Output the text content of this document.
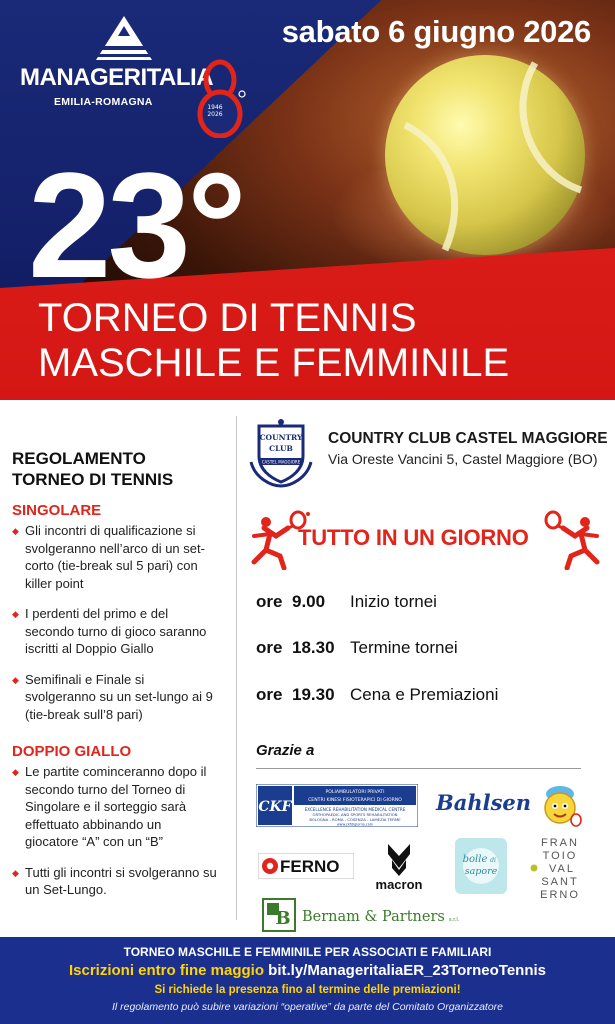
MANAGERITALIA
EMILIA-ROMAGNA	1946
2026
sabato 6 giugno 2026
23°
TORNEO DI TENNIS
MASCHILE E FEMMINILE
REGOLAMENTO
TORNEO DI TENNIS
SINGOLARE
◆ Gli incontri di qualificazione si svolgeranno nell’arco di un set-corto (tie-break sul 5 pari) con killer point
◆ I perdenti del primo e del secondo turno di gioco saranno iscritti al Doppio Giallo
◆ Semifinali e Finale si svolgeranno su un set-lungo ai 9 (tie-break sull’8 pari)
DOPPIO GIALLO
◆ Le partite cominceranno dopo il secondo turno del Torneo di Singolare e il sorteggio sarà effettuato abbinando un giocatore “A” con un “B”
◆ Tutti gli incontri si svolgeranno su un Set-Lungo.
COUNTRY
CLUB
CASTEL MAGGIORE
COUNTRY CLUB CASTEL MAGGIORE
Via Oreste Vancini 5, Castel Maggiore (BO)
TUTTO IN UN GIORNO
ore 9.00 Inizio tornei
ore 18.30 Termine tornei
ore 19.30 Cena e Premiazioni
Grazie a
CKF
POLIAMBULATORI PRIVATI
CENTRI KINESI FISIOTERAPICI DI GIORNO
EXCELLENCE REHABILITATION MEDICAL CENTRE
ORTHOPAEDIC AND SPORTS REHABILITATION
BOLOGNA - ROMA - COSENZA - LAMEZIA TERME
www.ckfdigiorno.com
Bahlsen
FERNO
macron
bolle di
sapore
FRAN
TOIO
VAL
SANT
ERNO
B Bernam & Partners s.r.l.
TORNEO MASCHILE E FEMMINILE PER ASSOCIATI E FAMILIARI
Iscrizioni entro fine maggio bit.ly/ManageritaliaER_23TorneoTennis
Si richiede la presenza fino al termine delle premiazioni!
Il regolamento può subire variazioni “operative” da parte del Comitato Organizzatore
